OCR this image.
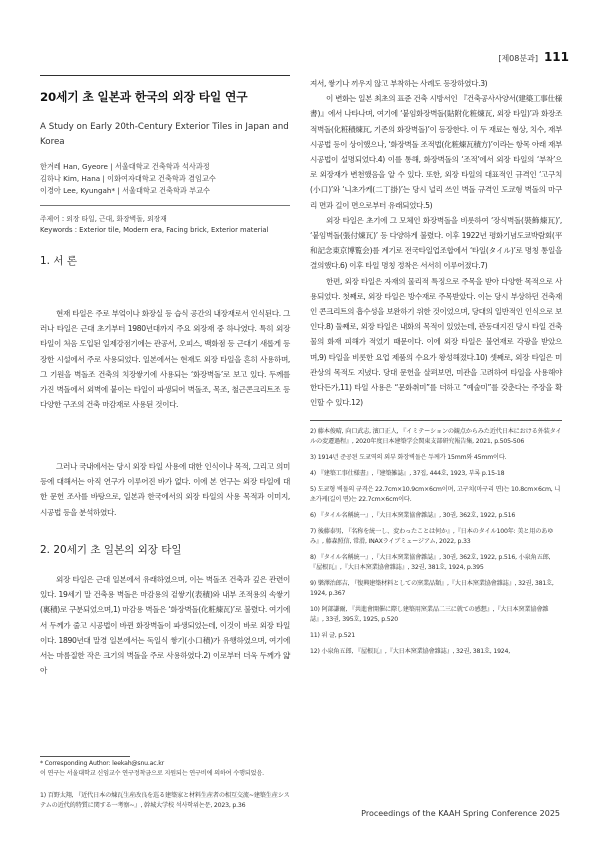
[제08분과] 111
20세기 초 일본과 한국의 외장 타일 연구
A Study on Early 20th-Century Exterior Tiles in Japan and Korea
한겨레 Han, Gyeore | 서울대학교 건축학과 석사과정
김하나 Kim, Hana | 이화여자대학교 건축학과 겸임교수
이경아 Lee, Kyungah* | 서울대학교 건축학과 부교수
주제어 : 외장 타일, 근대, 화장벽돌, 외장재
Keywords : Exterior tile, Modern era, Facing brick, Exterior material
1. 서 론
현재 타일은 주로 부엌이나 화장실 등 습식 공간의 내장재로서 인식된다. 그러나 타일은 근대 초기부터 1980년대까지 주요 외장재 중 하나였다. 특히 외장 타일이 처음 도입된 일제강점기에는 관공서, 오피스, 백화점 등 근대기 새롭게 등장한 시설에서 주로 사용되었다. 일본에서는 현재도 외장 타일을 흔히 사용하며, 그 기원을 벽돌조 건축의 치장쌓기에 사용되는 ‘화장벽돌’로 보고 있다. 두께를 가진 벽돌에서 외벽에 붙이는 타일이 파생되어 벽돌조, 목조, 철근콘크리트조 등 다양한 구조의 건축 마감재로 사용된 것이다.
그러나 국내에서는 당시 외장 타일 사용에 대한 인식이나 목적, 그리고 의미 등에 대해서는 아직 연구가 이루어진 바가 없다. 이에 본 연구는 외장 타일에 대한 문헌 조사를 바탕으로, 일본과 한국에서의 외장 타일의 사용 목적과 이미지, 시공법 등을 분석하였다.
2. 20세기 초 일본의 외장 타일
외장 타일은 근대 일본에서 유래하였으며, 이는 벽돌조 건축과 깊은 관련이 있다. 19세기 말 건축용 벽돌은 마감용의 겉쌓기(表積)와 내부 조적용의 속쌓기(裏積)로 구분되었으며,1) 마감용 벽돌은 ‘화장벽돌(化粧煉瓦)’로 불렸다. 여기에서 두께가 줄고 시공법이 바뀐 화장벽돌이 파생되었는데, 이것이 바로 외장 타일이다. 1890년대 말경 일본에서는 독일식 쌓기(小口積)가 유행하였으며, 여기에서는 마름질한 작은 크기의 벽돌을 주로 사용하였다.2) 이로부터 더욱 두께가 얇아
* Corresponding Author: leekah@snu.ac.kr
이 연구는 서울대학교 신임교수 연구정착금으로 지원되는 연구비에 의하여 수행되었음.
1) 百野太翔, 『近代日本の煉瓦生産改良を巡る建築家と材料生産者の相互交流~建築生産システムの近代的特質に関する一考察~』, 幹城大学校 석사학위논문, 2023, p.36
져서, 쌓기나 끼우지 않고 부착하는 사례도 등장하였다.3)
이 변화는 일본 최초의 표준 건축 시방서인 『건축공사사양서(建築工事仕様書)』에서 나타나며, 여기에 ‘붙임화장벽돌(貼附化粧煉瓦, 외장 타일)’과 화장조적벽돌(化粧積煉瓦, 기존의 화장벽돌)’이 등장한다. 이 두 재료는 형상, 치수, 재부 시공법 등이 상이했으나, ‘화장벽돌 조적법(化粧煉瓦積方)’이라는 항목 아래 재부 시공법이 설명되었다.4) 이를 통해, 화장벽돌의 ‘조적’에서 외장 타일의 ‘부착’으로 외장재가 변천했음을 알 수 있다. 또한, 외장 타일의 대표적인 규격인 ‘고구치(小口)’와 ‘니초가케(二丁掛)’는 당시 널리 쓰인 벽돌 규격인 도쿄형 벽돌의 마구리 면과 길이 면으로부터 유래되었다.5)
외장 타일은 초기에 그 모체인 화장벽돌을 비롯하여 ‘장식벽돌(裝飾煉瓦)’, ‘붙임벽돌(張付煉瓦)’ 등 다양하게 불렸다. 이후 1922년 평화기념도쿄박람회(平和記念東京博覧会)를 계기로 전국타일업조합에서 ‘타일(タイル)’로 명칭 통일을 결의했다.6) 이후 타일 명칭 정착은 서서히 이루어졌다.7)
한편, 외장 타일은 자재의 물리적 특징으로 주목을 받아 다양한 목적으로 사용되었다. 첫째로, 외장 타일은 방수재로 주목받았다. 이는 당시 부상하던 건축재인 콘크리트의 흡수성을 보완하기 위한 것이었으며, 당대의 일반적인 인식으로 보인다.8) 둘째로, 외장 타일은 내화의 목적이 있었는데, 관동대지진 당시 타일 건축물의 화재 피해가 적었기 때문이다. 이에 외장 타일은 불연재로 각광을 받았으며,9) 타일을 비롯한 요업 제품의 수요가 왕성해졌다.10) 셋째로, 외장 타일은 미관상의 목적도 지녔다. 당대 문헌을 살펴보면, 미관을 고려하여 타일을 사용해야 한다든가,11) 타일 사용은 “문화취미”를 더하고 “예술미”를 갖춘다는 주장을 확인할 수 있다.12)
2) 藤本俊晴, 向口武志, 濱口正人, 『イミテーションの観点からみた近代日本における外装タイルの変遷過程』, 2020年度日本建築学会関東支部研究報告集, 2021, p.505-506
3) 1914년 준공된 도쿄역의 외부 화장벽돌은 두께가 15mm와 45mm이다.
4) 『建築工事仕様書』,『建築雑誌』, 37집, 444호, 1923, 부록 p.15-18
5) 도쿄형 벽돌의 규격은 22.7cm×10.9cm×6cm이며, 고구치(마구리 면)는 10.8cm×6cm, 니초가케(길이 면)는 22.7cm×6cm이다.
6) 『タイル名稱統一』,『大日本窯業協會雜誌』, 30권, 362호, 1922, p.516
7) 後藤泰男, 『名称を統一し、変わったことは何か』,『日本のタイル100年: 美と用のあゆみ』, 藤森照信, 常滑, INAXライブミュージアム, 2022, p.33
8) 『タイル名稱統一』,『大日本窯業協會雜誌』, 30권, 362호, 1922, p.516, 小泉角五郎, 『屋根瓦』,『大日本窯業協會雜誌』, 32권, 381호, 1924, p.395
9) 樂澤治郎吉, 『復興建築材料としての窯業品類』,『大日本窯業協會雜誌』, 32권, 381호, 1924, p.367
10) 阿部謙爾, 『共進會開催に際し建築用窯業品二三に就ての感想』,『大日本窯業協會雜誌』, 33권, 395호, 1925, p.520
11) 위 글, p.521
12) 小泉角五郎, 『屋根瓦』,『大日本窯業協會雜誌』, 32권, 381호, 1924,
Proceedings of the KAAH Spring Conference 2025
